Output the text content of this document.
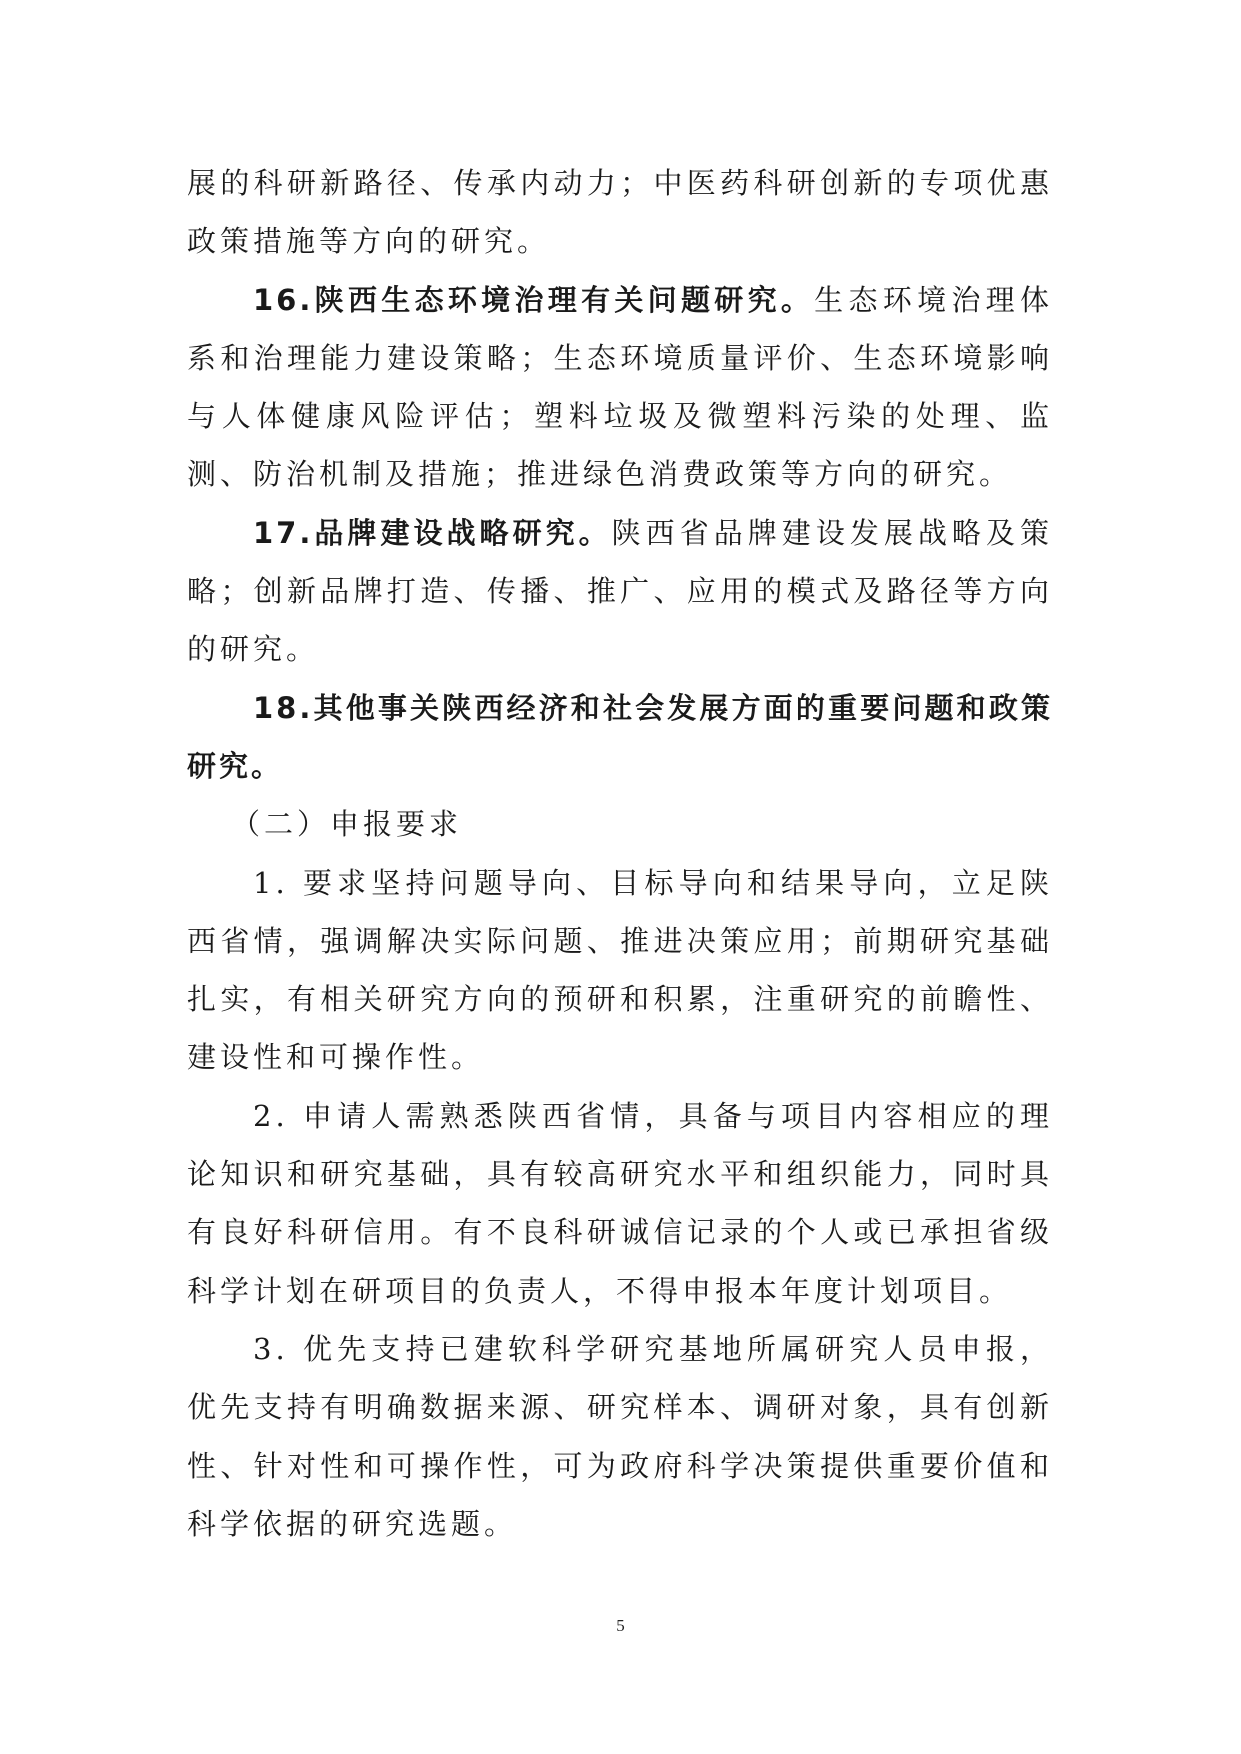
展的科研新路径、传承内动力；中医药科研创新的专项优惠政策措施等方向的研究。

16.陕西生态环境治理有关问题研究。生态环境治理体系和治理能力建设策略；生态环境质量评价、生态环境影响与人体健康风险评估；塑料垃圾及微塑料污染的处理、监测、防治机制及措施；推进绿色消费政策等方向的研究。

17.品牌建设战略研究。陕西省品牌建设发展战略及策略；创新品牌打造、传播、推广、应用的模式及路径等方向的研究。

18.其他事关陕西经济和社会发展方面的重要问题和政策研究。

（二）申报要求

1. 要求坚持问题导向、目标导向和结果导向，立足陕西省情，强调解决实际问题、推进决策应用；前期研究基础扎实，有相关研究方向的预研和积累，注重研究的前瞻性、建设性和可操作性。

2. 申请人需熟悉陕西省情，具备与项目内容相应的理论知识和研究基础，具有较高研究水平和组织能力，同时具有良好科研信用。有不良科研诚信记录的个人或已承担省级科学计划在研项目的负责人，不得申报本年度计划项目。

3. 优先支持已建软科学研究基地所属研究人员申报，优先支持有明确数据来源、研究样本、调研对象，具有创新性、针对性和可操作性，可为政府科学决策提供重要价值和科学依据的研究选题。

5
